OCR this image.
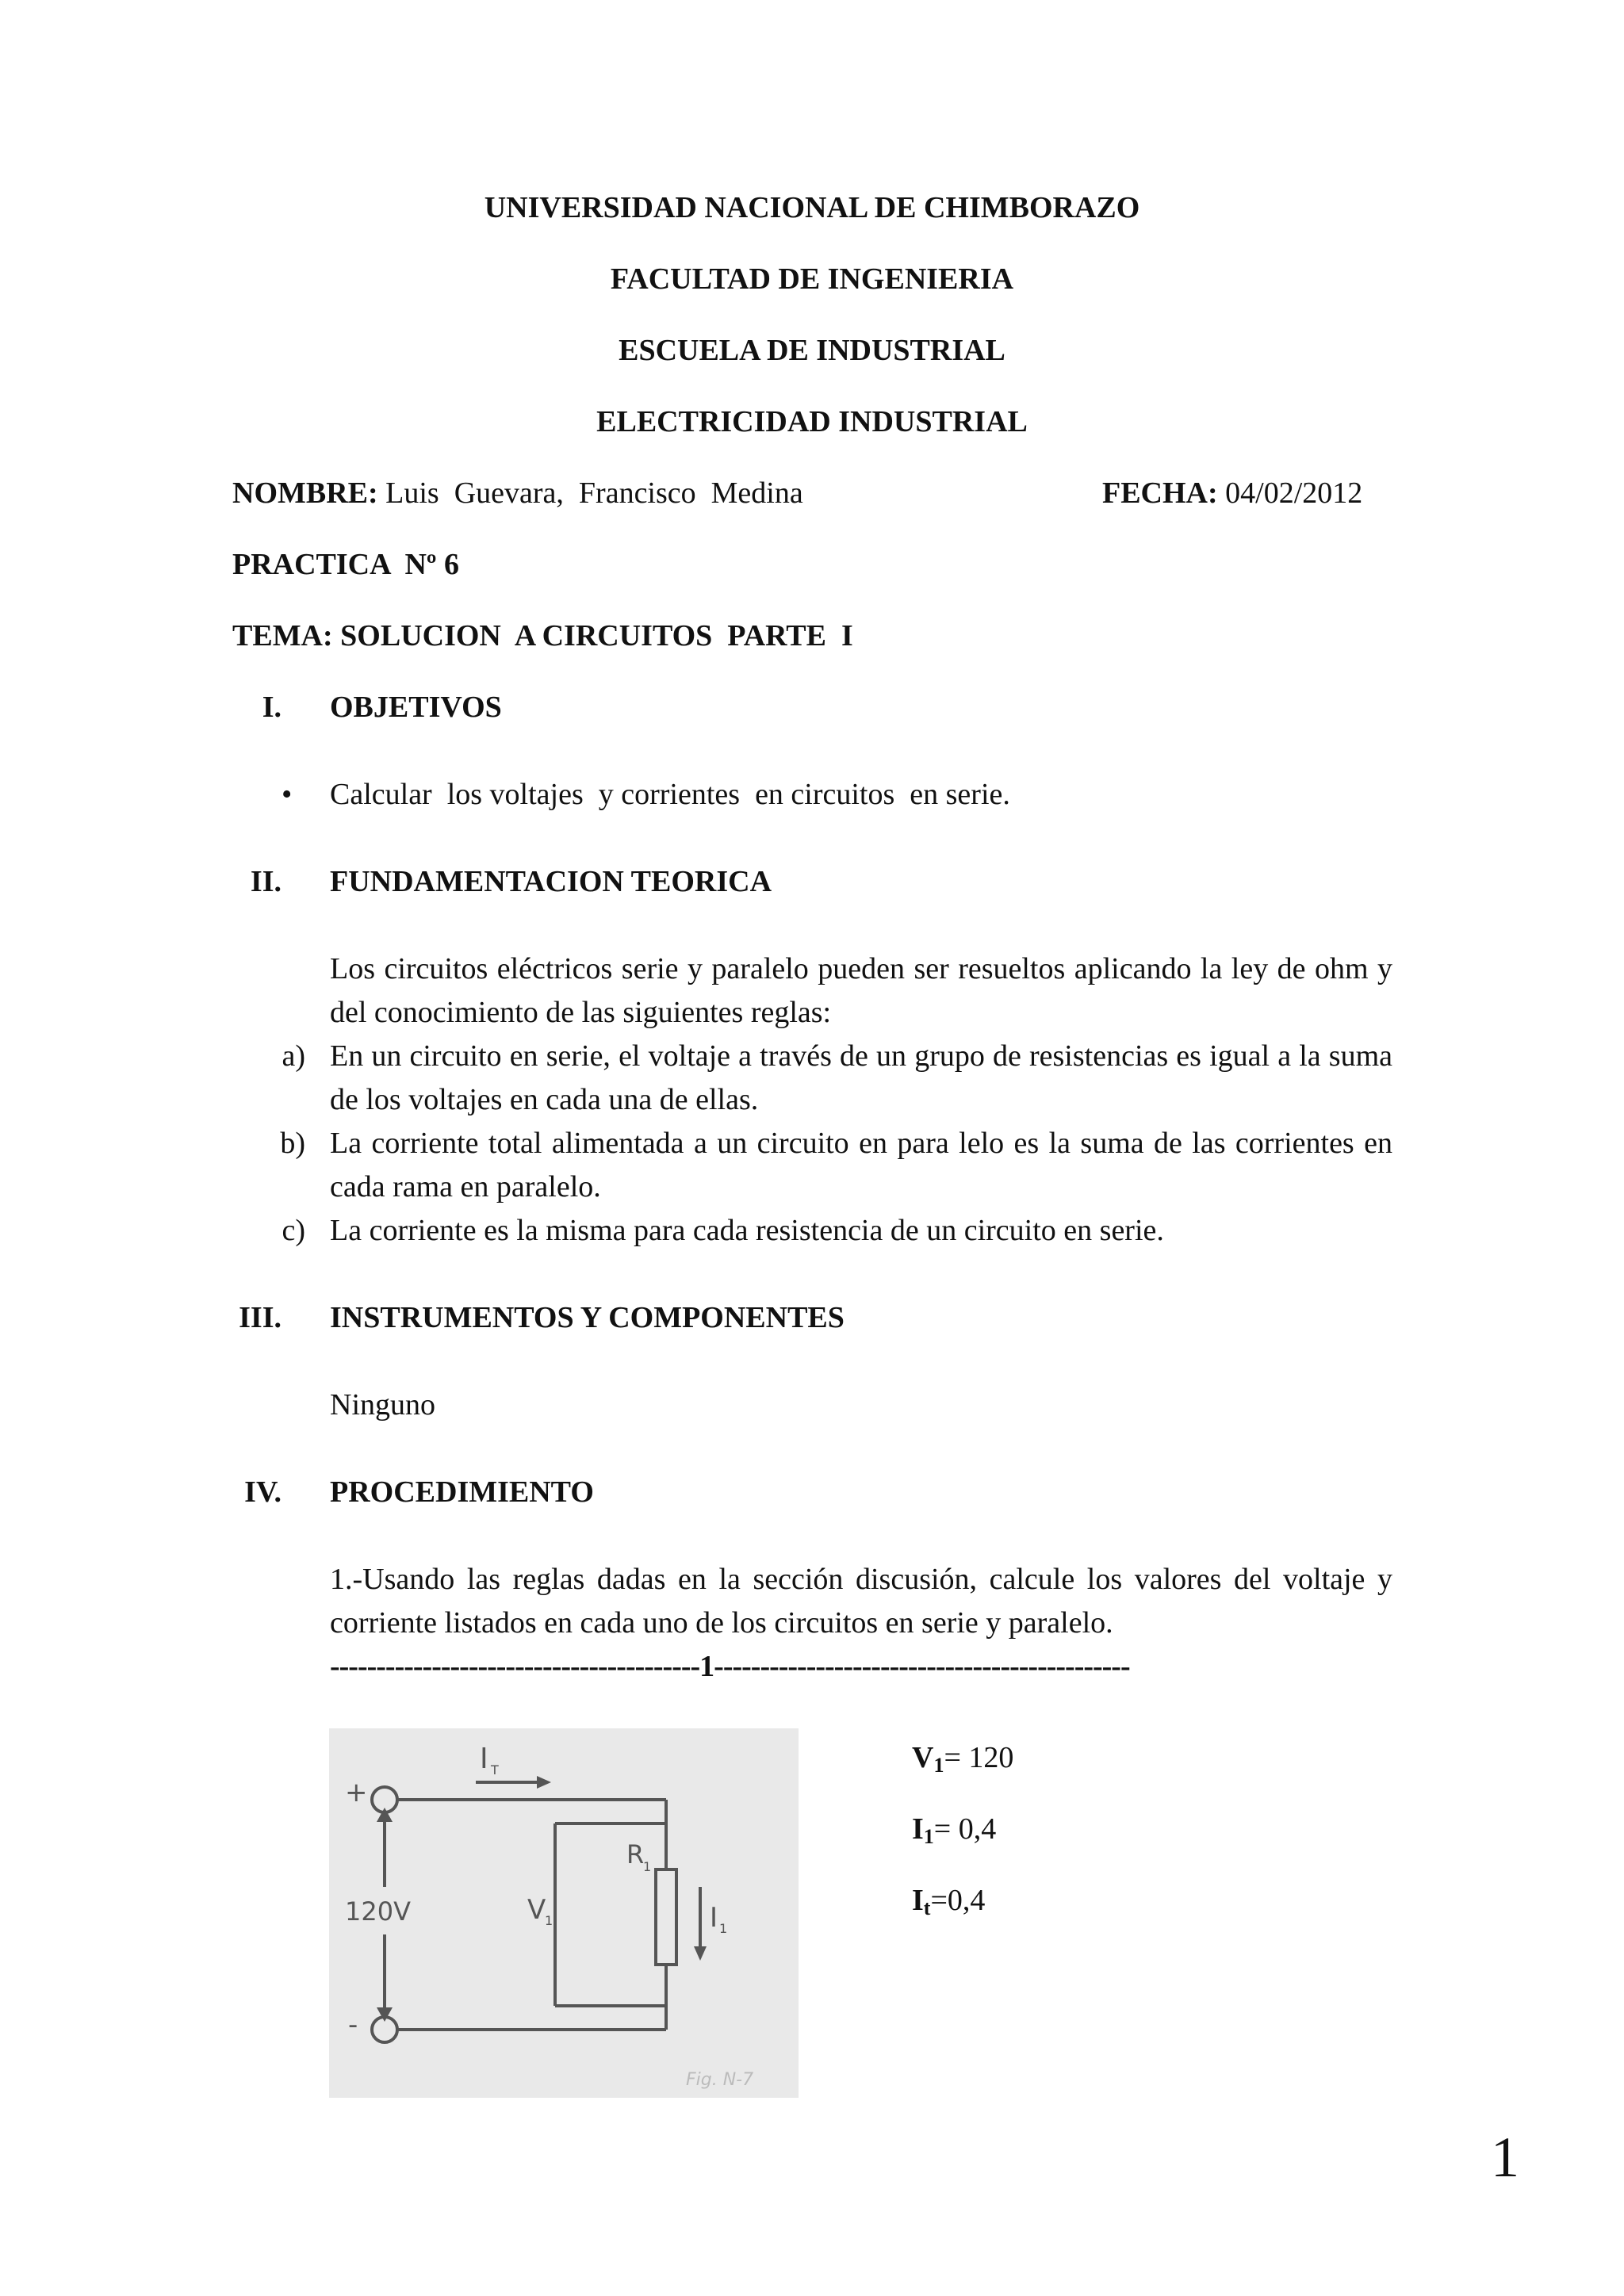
UNIVERSIDAD NACIONAL DE CHIMBORAZO
FACULTAD DE INGENIERIA
ESCUELA DE INDUSTRIAL
ELECTRICIDAD INDUSTRIAL
NOMBRE: Luis  Guevara,  Francisco  Medina	FECHA: 04/02/2012
PRACTICA  Nº 6
TEMA: SOLUCION  A CIRCUITOS  PARTE  I
I. OBJETIVOS
• Calcular  los voltajes  y corrientes  en circuitos  en serie.
II. FUNDAMENTACION TEORICA
Los circuitos eléctricos serie y paralelo pueden ser resueltos aplicando la ley de ohm y del conocimiento de las siguientes reglas:
a) En un circuito en serie, el voltaje a través de un grupo de resistencias es igual a la suma de los voltajes en cada una de ellas.
b) La corriente total alimentada a un circuito en para lelo es la suma de las corrientes en cada rama en paralelo.
c) La corriente es la misma para cada resistencia de un circuito en serie.
III. INSTRUMENTOS Y COMPONENTES
Ninguno
IV. PROCEDIMIENTO
1.-Usando las reglas dadas en la sección discusión, calcule los valores del voltaje y corriente listados en cada uno de los circuitos en serie y paralelo.
----------------------------------------1---------------------------------------------
+
-
120V
I T
V
1
R
1
I 1
Fig. N-7
$V_1= 120$
$I_1= 0,4$
$I_t=0,4$
1
